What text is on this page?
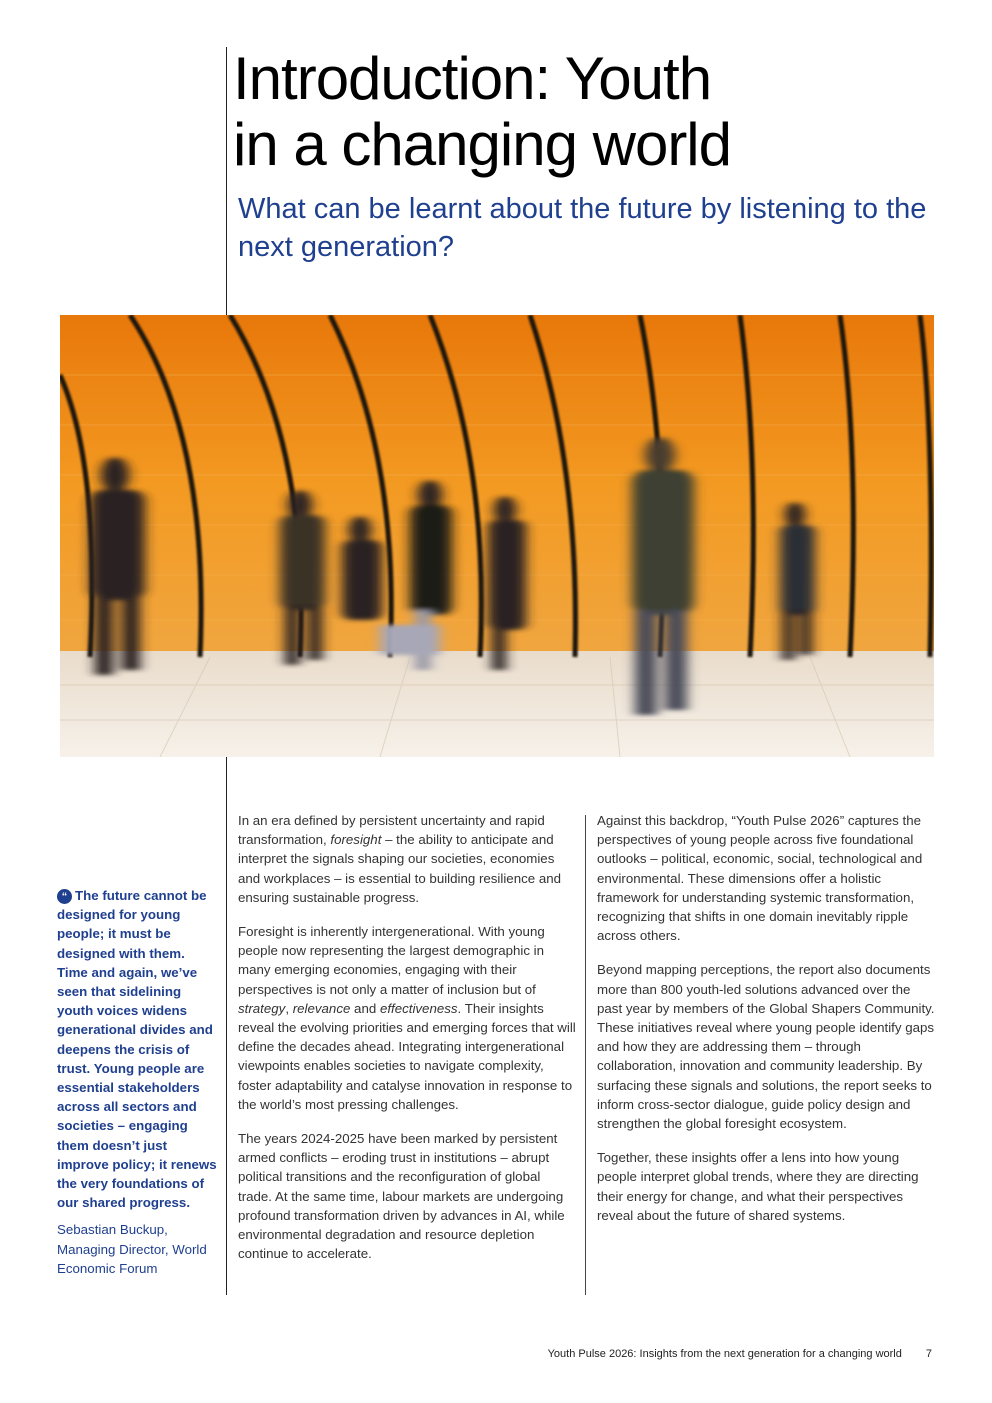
Introduction: Youth
in a changing world

What can be learnt about the future by listening to the next generation?

“ The future cannot be designed for young people; it must be designed with them. Time and again, we’ve seen that sidelining youth voices widens generational divides and deepens the crisis of trust. Young people are essential stakeholders across all sectors and societies – engaging them doesn’t just improve policy; it renews the very foundations of our shared progress.

Sebastian Buckup, Managing Director, World Economic Forum

In an era defined by persistent uncertainty and rapid transformation, foresight – the ability to anticipate and interpret the signals shaping our societies, economies and workplaces – is essential to building resilience and ensuring sustainable progress.

Foresight is inherently intergenerational. With young people now representing the largest demographic in many emerging economies, engaging with their perspectives is not only a matter of inclusion but of strategy, relevance and effectiveness. Their insights reveal the evolving priorities and emerging forces that will define the decades ahead. Integrating intergenerational viewpoints enables societies to navigate complexity, foster adaptability and catalyse innovation in response to the world’s most pressing challenges.

The years 2024-2025 have been marked by persistent armed conflicts – eroding trust in institutions – abrupt political transitions and the reconfiguration of global trade. At the same time, labour markets are undergoing profound transformation driven by advances in AI, while environmental degradation and resource depletion continue to accelerate.

Against this backdrop, “Youth Pulse 2026” captures the perspectives of young people across five foundational outlooks – political, economic, social, technological and environmental. These dimensions offer a holistic framework for understanding systemic transformation, recognizing that shifts in one domain inevitably ripple across others.

Beyond mapping perceptions, the report also documents more than 800 youth-led solutions advanced over the past year by members of the Global Shapers Community. These initiatives reveal where young people identify gaps and how they are addressing them – through collaboration, innovation and community leadership. By surfacing these signals and solutions, the report seeks to inform cross-sector dialogue, guide policy design and strengthen the global foresight ecosystem.

Together, these insights offer a lens into how young people interpret global trends, where they are directing their energy for change, and what their perspectives reveal about the future of shared systems.

Youth Pulse 2026: Insights from the next generation for a changing world 7
